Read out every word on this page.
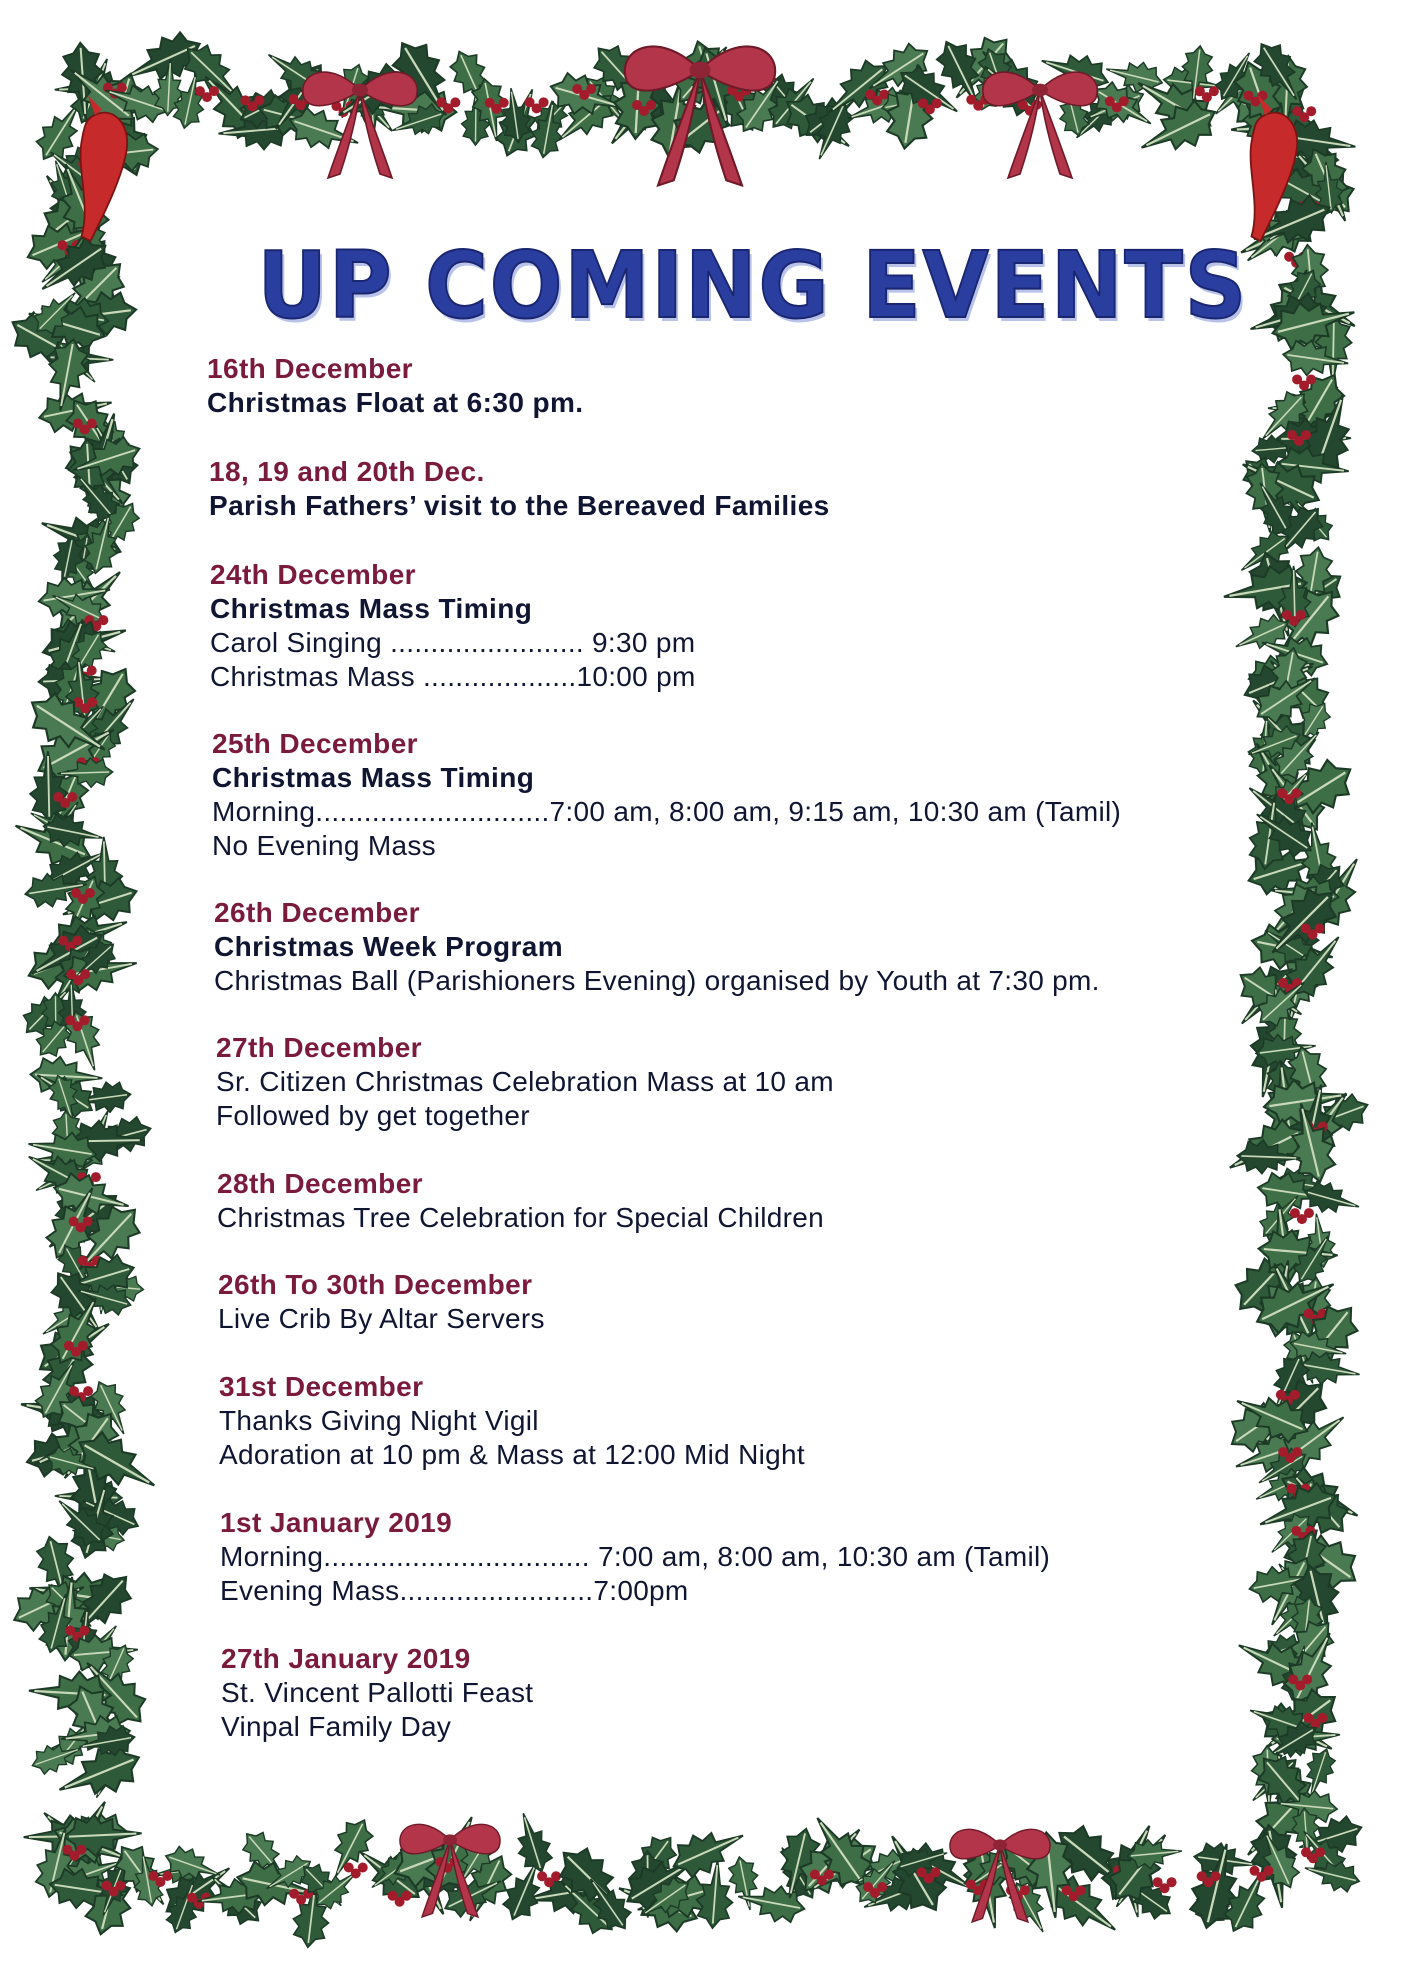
UP COMING EVENTS
16th December
Christmas Float at 6:30 pm.
18, 19 and 20th Dec.
Parish Fathers’ visit to the Bereaved Families
24th December
Christmas Mass Timing
Carol Singing ........................ 9:30 pm
Christmas Mass ...................10:00 pm
25th December
Christmas Mass Timing
Morning.............................7:00 am, 8:00 am, 9:15 am, 10:30 am (Tamil)
No Evening Mass
26th December
Christmas Week Program
Christmas Ball (Parishioners Evening) organised by Youth at 7:30 pm.
27th December
Sr. Citizen Christmas Celebration Mass at 10 am
Followed by get together
28th December
Christmas Tree Celebration for Special Children
26th To 30th December
Live Crib By Altar Servers
31st December
Thanks Giving Night Vigil
Adoration at 10 pm & Mass at 12:00 Mid Night
1st January 2019
Morning................................. 7:00 am, 8:00 am, 10:30 am (Tamil)
Evening Mass........................7:00pm
27th January 2019
St. Vincent Pallotti Feast
Vinpal Family Day
